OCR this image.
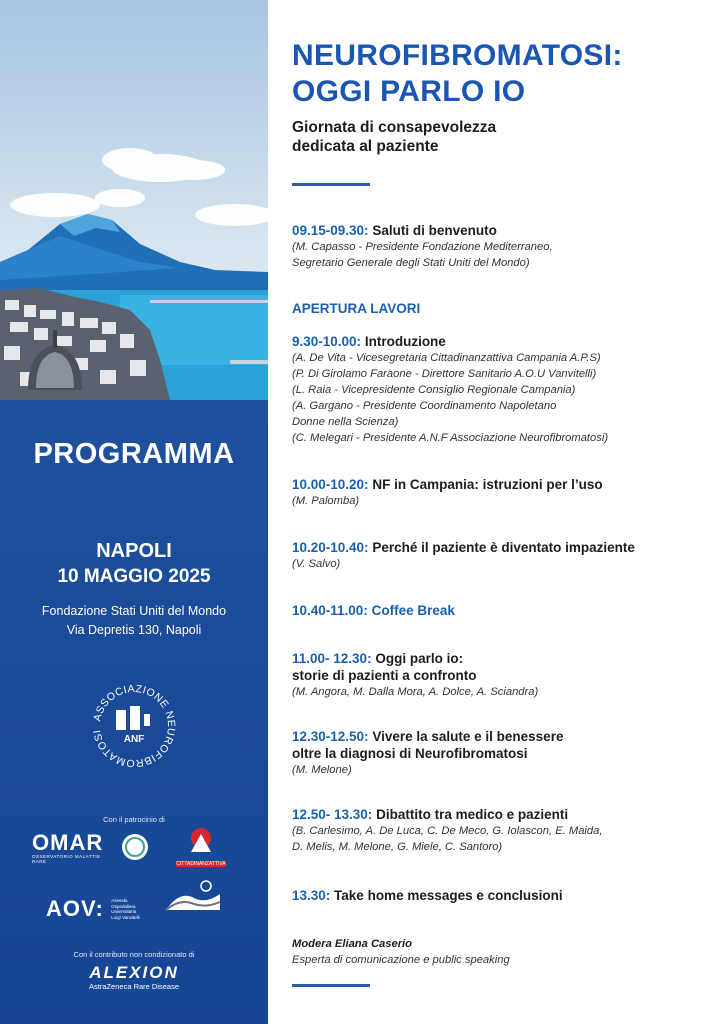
PROGRAMMA
NAPOLI
10 MAGGIO 2025
Fondazione Stati Uniti del Mondo
Via Depretis 130, Napoli
ASSOCIAZIONE NEUROFIBROMATOSI
ANF
Con il patrocinio di
OMAR
OSSERVATORIO MALATTIE RARE	CITTADINANZATTIVA
AOV: Azienda
Ospedaliera
Universitaria
Luigi Vanvitelli
Con il contributo non condizionato di
ALEXION
AstraZeneca Rare Disease
NEUROFIBROMATOSI:
OGGI PARLO IO
Giornata di consapevolezza
dedicata al paziente
09.15-09.30: Saluti di benvenuto
(M. Capasso - Presidente Fondazione Mediterraneo,
Segretario Generale degli Stati Uniti del Mondo)
APERTURA LAVORI
9.30-10.00: Introduzione
(A. De Vita - Vicesegretaria Cittadinanzattiva Campania A.P.S)
(P. Di Girolamo Faraone - Direttore Sanitario A.O.U Vanvitelli)
(L. Raia - Vicepresidente Consiglio Regionale Campania)
(A. Gargano - Presidente Coordinamento Napoletano
Donne nella Scienza)
(C. Melegari - Presidente A.N.F Associazione Neurofibromatosi)
10.00-10.20: NF in Campania: istruzioni per l’uso
(M. Palomba)
10.20-10.40: Perché il paziente è diventato impaziente
(V. Salvo)
10.40-11.00: Coffee Break
11.00- 12.30: Oggi parlo io:
storie di pazienti a confronto
(M. Angora, M. Dalla Mora, A. Dolce, A. Sciandra)
12.30-12.50: Vivere la salute e il benessere
oltre la diagnosi di Neurofibromatosi
(M. Melone)
12.50- 13.30: Dibattito tra medico e pazienti
(B. Carlesimo, A. De Luca, C. De Meco, G. Iolascon, E. Maida,
D. Melis, M. Melone, G. Miele, C. Santoro)
13.30: Take home messages e conclusioni
Modera Eliana Caserio
Esperta di comunicazione e public speaking
